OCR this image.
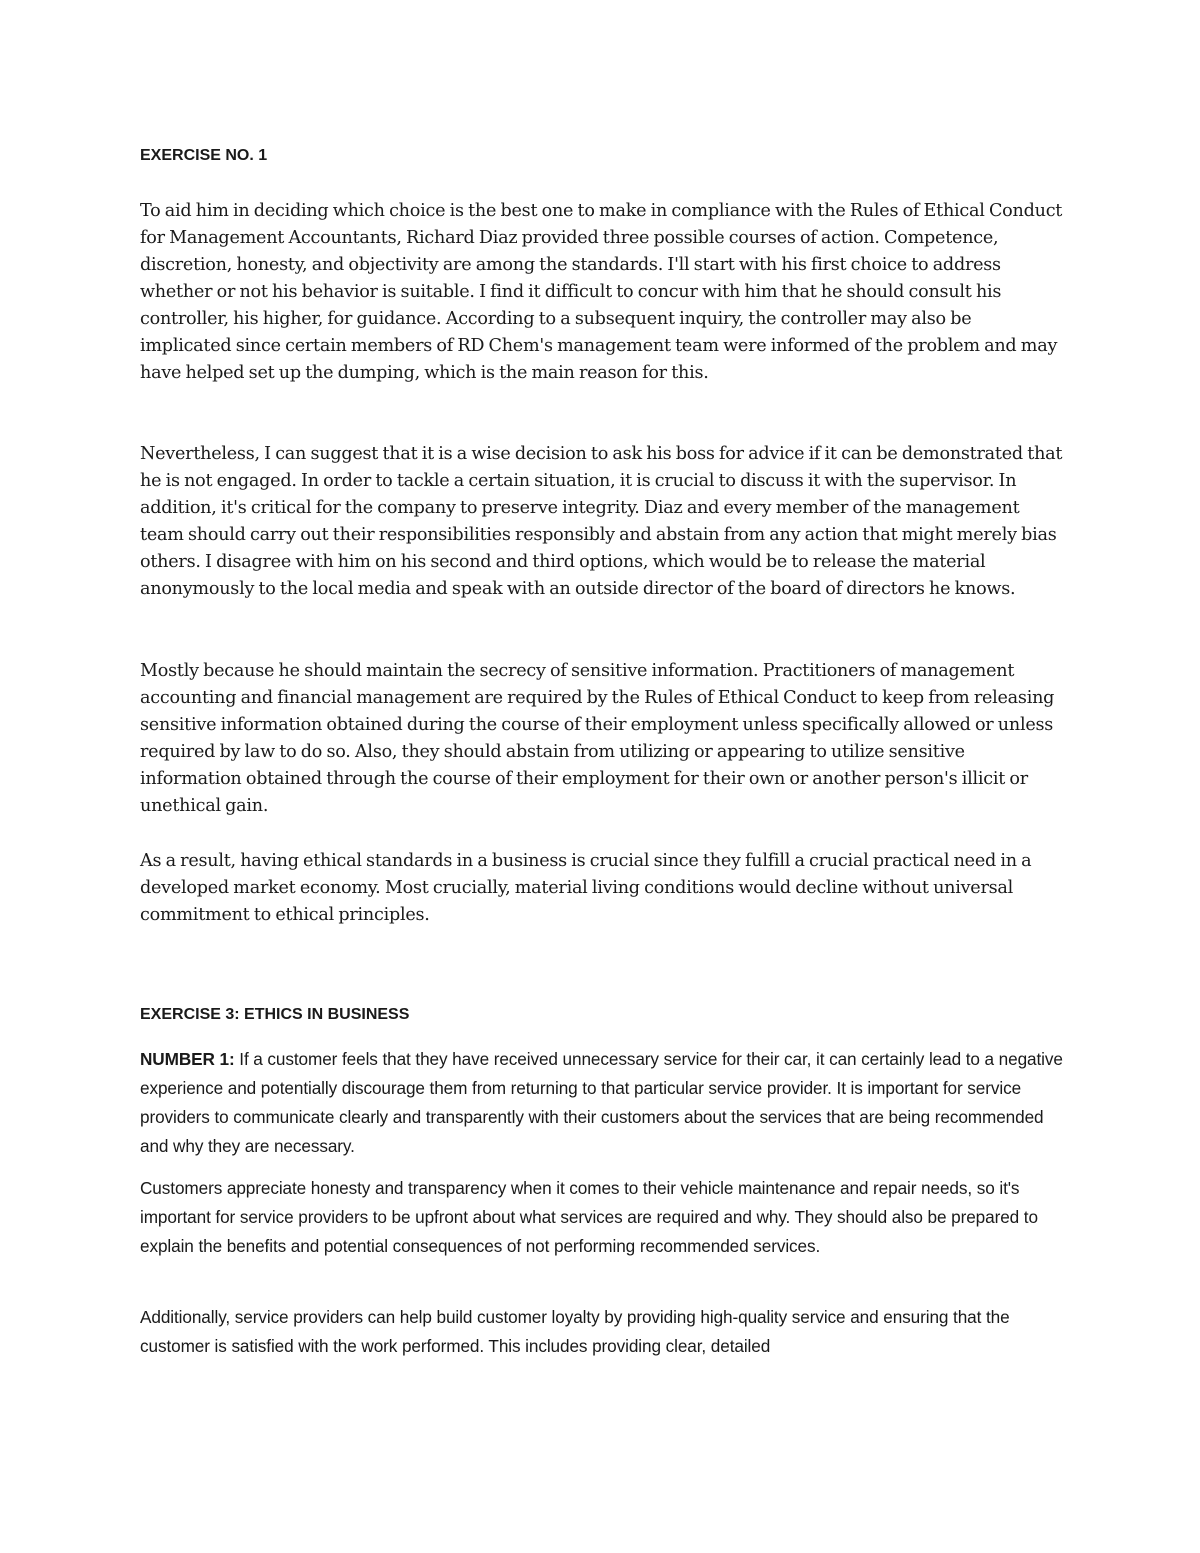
EXERCISE NO. 1

To aid him in deciding which choice is the best one to make in compliance with the Rules of Ethical Conduct for Management Accountants, Richard Diaz provided three possible courses of action. Competence, discretion, honesty, and objectivity are among the standards. I'll start with his first choice to address whether or not his behavior is suitable. I find it difficult to concur with him that he should consult his controller, his higher, for guidance. According to a subsequent inquiry, the controller may also be implicated since certain members of RD Chem's management team were informed of the problem and may have helped set up the dumping, which is the main reason for this.

Nevertheless, I can suggest that it is a wise decision to ask his boss for advice if it can be demonstrated that he is not engaged. In order to tackle a certain situation, it is crucial to discuss it with the supervisor. In addition, it's critical for the company to preserve integrity. Diaz and every member of the management team should carry out their responsibilities responsibly and abstain from any action that might merely bias others. I disagree with him on his second and third options, which would be to release the material anonymously to the local media and speak with an outside director of the board of directors he knows.

Mostly because he should maintain the secrecy of sensitive information. Practitioners of management accounting and financial management are required by the Rules of Ethical Conduct to keep from releasing sensitive information obtained during the course of their employment unless specifically allowed or unless required by law to do so. Also, they should abstain from utilizing or appearing to utilize sensitive information obtained through the course of their employment for their own or another person's illicit or unethical gain.

As a result, having ethical standards in a business is crucial since they fulfill a crucial practical need in a developed market economy. Most crucially, material living conditions would decline without universal commitment to ethical principles.

EXERCISE 3: ETHICS IN BUSINESS

NUMBER 1: If a customer feels that they have received unnecessary service for their car, it can certainly lead to a negative experience and potentially discourage them from returning to that particular service provider. It is important for service providers to communicate clearly and transparently with their customers about the services that are being recommended and why they are necessary.

Customers appreciate honesty and transparency when it comes to their vehicle maintenance and repair needs, so it's important for service providers to be upfront about what services are required and why. They should also be prepared to explain the benefits and potential consequences of not performing recommended services.

Additionally, service providers can help build customer loyalty by providing high-quality service and ensuring that the customer is satisfied with the work performed. This includes providing clear, detailed
